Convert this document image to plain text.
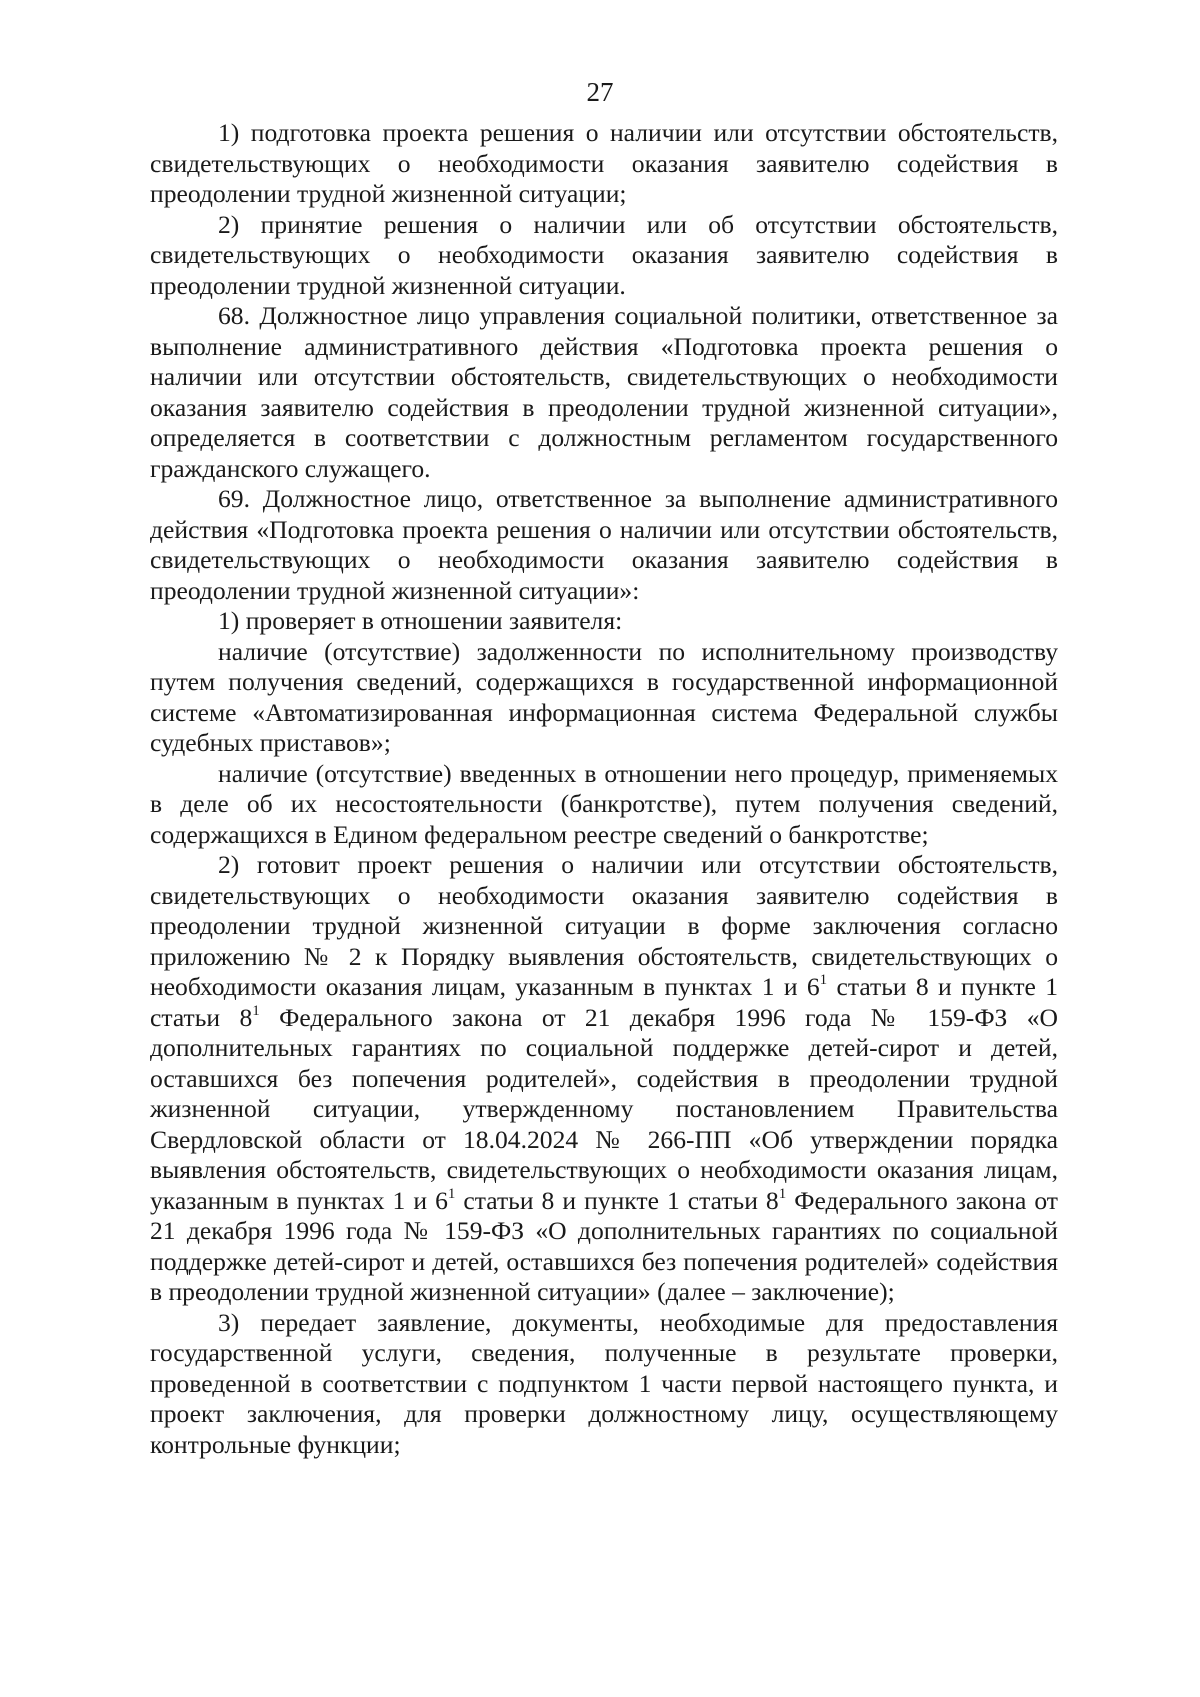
27

1) подготовка проекта решения о наличии или отсутствии обстоятельств, свидетельствующих о необходимости оказания заявителю содействия в преодолении трудной жизненной ситуации;

2) принятие решения о наличии или об отсутствии обстоятельств, свидетельствующих о необходимости оказания заявителю содействия в преодолении трудной жизненной ситуации.

68. Должностное лицо управления социальной политики, ответственное за выполнение административного действия «Подготовка проекта решения о наличии или отсутствии обстоятельств, свидетельствующих о необходимости оказания заявителю содействия в преодолении трудной жизненной ситуации», определяется в соответствии с должностным регламентом государственного гражданского служащего.

69. Должностное лицо, ответственное за выполнение административного действия «Подготовка проекта решения о наличии или отсутствии обстоятельств, свидетельствующих о необходимости оказания заявителю содействия в преодолении трудной жизненной ситуации»:

1) проверяет в отношении заявителя:

наличие (отсутствие) задолженности по исполнительному производству путем получения сведений, содержащихся в государственной информационной системе «Автоматизированная информационная система Федеральной службы судебных приставов»;

наличие (отсутствие) введенных в отношении него процедур, применяемых в деле об их несостоятельности (банкротстве), путем получения сведений, содержащихся в Едином федеральном реестре сведений о банкротстве;

2) готовит проект решения о наличии или отсутствии обстоятельств, свидетельствующих о необходимости оказания заявителю содействия в преодолении трудной жизненной ситуации в форме заключения согласно приложению № 2 к Порядку выявления обстоятельств, свидетельствующих о необходимости оказания лицам, указанным в пунктах 1 и $6^1$ статьи 8 и пункте 1 статьи $8^1$ Федерального закона от 21 декабря 1996 года № 159-ФЗ «О дополнительных гарантиях по социальной поддержке детей-сирот и детей, оставшихся без попечения родителей», содействия в преодолении трудной жизненной ситуации, утвержденному постановлением Правительства Свердловской области от 18.04.2024 № 266-ПП «Об утверждении порядка выявления обстоятельств, свидетельствующих о необходимости оказания лицам, указанным в пунктах 1 и $6^1$ статьи 8 и пункте 1 статьи $8^1$ Федерального закона от 21 декабря 1996 года № 159-ФЗ «О дополнительных гарантиях по социальной поддержке детей-сирот и детей, оставшихся без попечения родителей» содействия в преодолении трудной жизненной ситуации» (далее – заключение);

3) передает заявление, документы, необходимые для предоставления государственной услуги, сведения, полученные в результате проверки, проведенной в соответствии с подпунктом 1 части первой настоящего пункта, и проект заключения, для проверки должностному лицу, осуществляющему контрольные функции;
